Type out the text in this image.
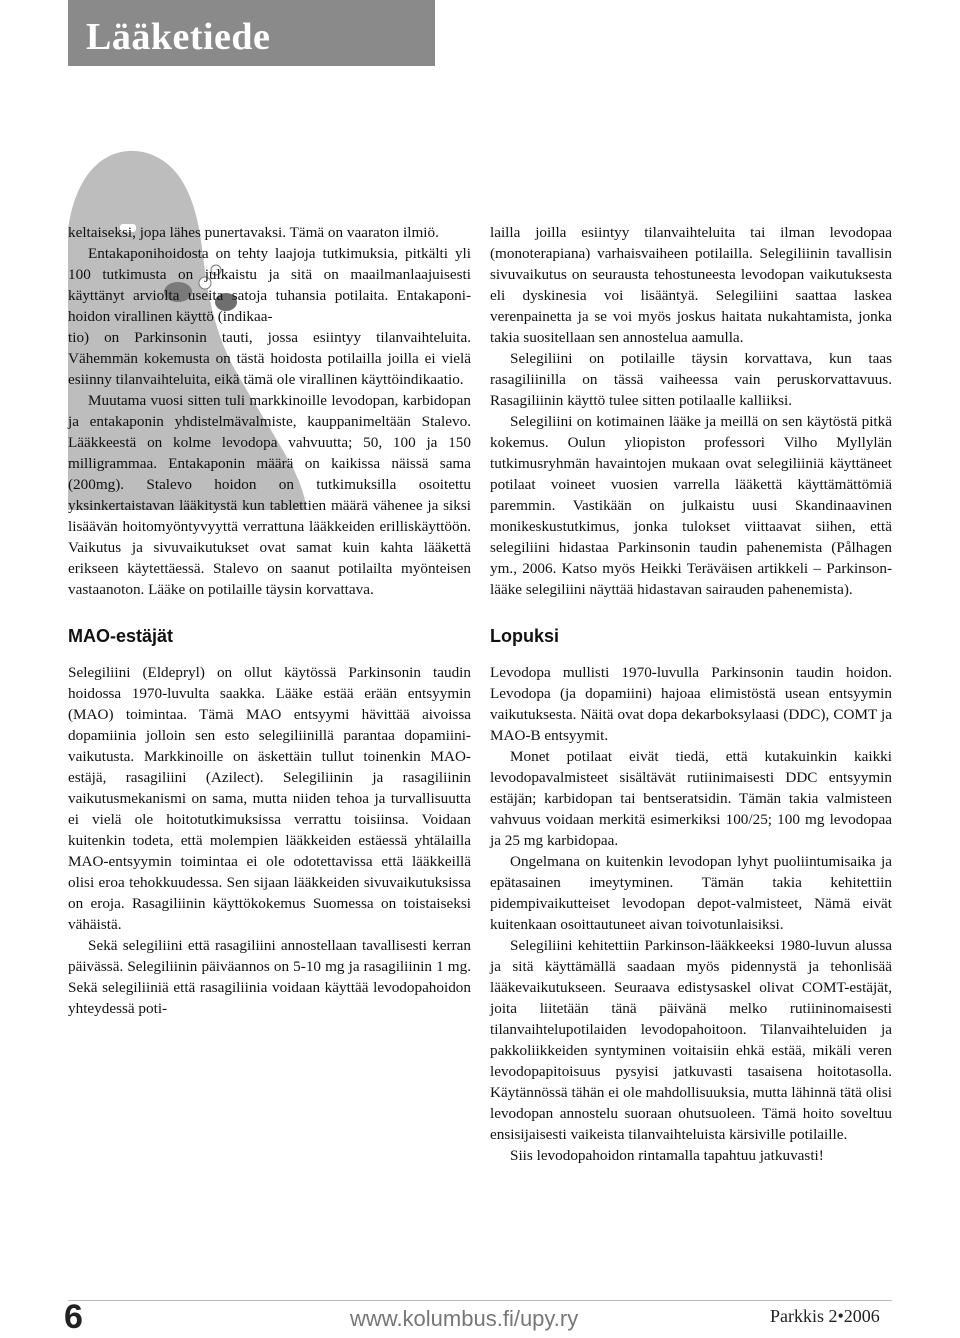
Lääketiede

keltaiseksi, jopa lähes punertavaksi. Tämä on vaaraton ilmiö.

Entakaponihoidosta on tehty laajoja tutkimuksia, pitkälti yli 100 tutkimusta on julkaistu ja sitä on maailmanlaajuisesti käyttänyt arviolta useita satoja tuhansia potilaita. Entakaponi-hoidon virallinen käyttö (indikaa-

tio) on Parkinsonin tauti, jossa esiintyy tilanvaihteluita. Vähemmän kokemusta on tästä hoidosta potilailla joilla ei vielä esiinny tilanvaihteluita, eikä tämä ole virallinen käyttöindikaatio.

Muutama vuosi sitten tuli markkinoille levodopan, karbidopan ja entakaponin yhdistelmävalmiste, kauppanimeltään Stalevo. Lääkkeestä on kolme levodopa vahvuutta; 50, 100 ja 150 milligrammaa. Entakaponin määrä on kaikissa näissä sama (200mg). Stalevo hoidon on tutkimuksilla osoitettu yksinkertaistavan lääkitystä kun tablettien määrä vähenee ja siksi lisäävän hoitomyöntyvyyttä verrattuna lääkkeiden erilliskäyttöön. Vaikutus ja sivuvaikutukset ovat samat kuin kahta lääkettä erikseen käytettäessä. Stalevo on saanut potilailta myönteisen vastaanoton. Lääke on potilaille täysin korvattava.

MAO-estäjät

Selegiliini (Eldepryl) on ollut käytössä Parkinsonin taudin hoidossa 1970-luvulta saakka. Lääke estää erään entsyymin (MAO) toimintaa. Tämä MAO entsyymi hävittää aivoissa dopamiinia jolloin sen esto selegiliinillä parantaa dopamiini-vaikutusta. Markkinoille on äskettäin tullut toinenkin MAO-estäjä, rasagiliini (Azilect). Selegiliinin ja rasagiliinin vaikutusmekanismi on sama, mutta niiden tehoa ja turvallisuutta ei vielä ole hoitotutkimuksissa verrattu toisiinsa. Voidaan kuitenkin todeta, että molempien lääkkeiden estäessä yhtälailla MAO-entsyymin toimintaa ei ole odotettavissa että lääkkeillä olisi eroa tehokkuudessa. Sen sijaan lääkkeiden sivuvaikutuksissa on eroja. Rasagiliinin käyttökokemus Suomessa on toistaiseksi vähäistä.

Sekä selegiliini että rasagiliini annostellaan tavallisesti kerran päivässä. Selegiliinin päiväannos on 5-10 mg ja rasagiliinin 1 mg. Sekä selegiliiniä että rasagiliinia voidaan käyttää levodopahoidon yhteydessä poti-

lailla joilla esiintyy tilanvaihteluita tai ilman levodopaa (monoterapiana) varhaisvaiheen potilailla. Selegiliinin tavallisin sivuvaikutus on seurausta tehostuneesta levodopan vaikutuksesta eli dyskinesia voi lisääntyä. Selegiliini saattaa laskea verenpainetta ja se voi myös joskus haitata nukahtamista, jonka takia suositellaan sen annostelua aamulla.

Selegiliini on potilaille täysin korvattava, kun taas rasagiliinilla on tässä vaiheessa vain peruskorvattavuus. Rasagiliinin käyttö tulee sitten potilaalle kalliiksi.

Selegiliini on kotimainen lääke ja meillä on sen käytöstä pitkä kokemus. Oulun yliopiston professori Vilho Myllylän tutkimusryhmän havaintojen mukaan ovat selegiliiniä käyttäneet potilaat voineet vuosien varrella lääkettä käyttämättömiä paremmin. Vastikään on julkaistu uusi Skandinaavinen monikeskustutkimus, jonka tulokset viittaavat siihen, että selegiliini hidastaa Parkinsonin taudin pahenemista (Pålhagen ym., 2006. Katso myös Heikki Teräväisen artikkeli – Parkinson-lääke selegiliini näyttää hidastavan sairauden pahenemista).

Lopuksi

Levodopa mullisti 1970-luvulla Parkinsonin taudin hoidon. Levodopa (ja dopamiini) hajoaa elimistöstä usean entsyymin vaikutuksesta. Näitä ovat dopa dekarboksylaasi (DDC), COMT ja MAO-B entsyymit.

Monet potilaat eivät tiedä, että kutakuinkin kaikki levodopavalmisteet sisältävät rutiinimaisesti DDC entsyymin estäjän; karbidopan tai bentseratsidin. Tämän takia valmisteen vahvuus voidaan merkitä esimerkiksi 100/25; 100 mg levodopaa ja 25 mg karbidopaa.

Ongelmana on kuitenkin levodopan lyhyt puoliintumisaika ja epätasainen imeytyminen. Tämän takia kehitettiin pidempivaikutteiset levodopan depot-valmisteet, Nämä eivät kuitenkaan osoittautuneet aivan toivotunlaisiksi.

Selegiliini kehitettiin Parkinson-lääkkeeksi 1980-luvun alussa ja sitä käyttämällä saadaan myös pidennystä ja tehonlisää lääkevaikutukseen. Seuraava edistysaskel olivat COMT-estäjät, joita liitetään tänä päivänä melko rutiininomaisesti tilanvaihtelupotilaiden levodopahoitoon. Tilanvaihteluiden ja pakkoliikkeiden syntyminen voitaisiin ehkä estää, mikäli veren levodopapitoisuus pysyisi jatkuvasti tasaisena hoitotasolla. Käytännössä tähän ei ole mahdollisuuksia, mutta lähinnä tätä olisi levodopan annostelu suoraan ohutsuoleen. Tämä hoito soveltuu ensisijaisesti vaikeista tilanvaihteluista kärsiville potilaille.

Siis levodopahoidon rintamalla tapahtuu jatkuvasti!

6	www.kolumbus.fi/upy.ry	Parkkis 2•2006
